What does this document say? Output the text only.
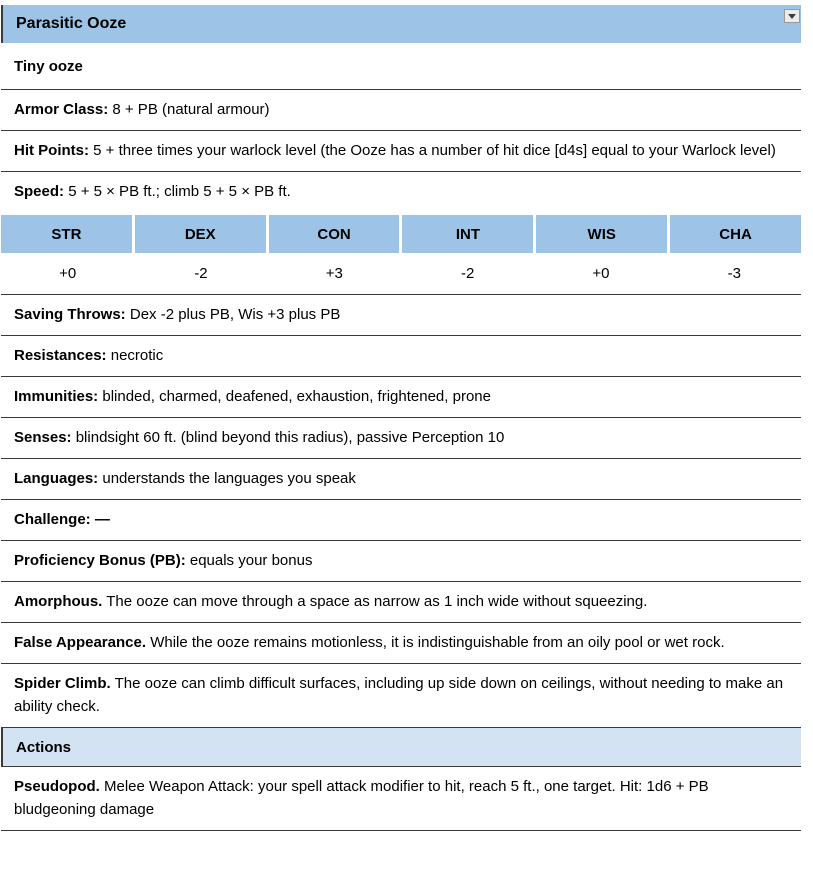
Parasitic Ooze
Tiny ooze
Armor Class: 8 + PB (natural armour)
Hit Points: 5 + three times your warlock level (the Ooze has a number of hit dice [d4s] equal to your Warlock level)
Speed: 5 + 5 × PB ft.; climb 5 + 5 × PB ft.
STR	DEX	CON	INT	WIS	CHA
+0	-2	+3	-2	+0	-3
Saving Throws: Dex -2 plus PB, Wis +3 plus PB
Resistances: necrotic
Immunities: blinded, charmed, deafened, exhaustion, frightened, prone
Senses: blindsight 60 ft. (blind beyond this radius), passive Perception 10
Languages: understands the languages you speak
Challenge: —
Proficiency Bonus (PB): equals your bonus
Amorphous. The ooze can move through a space as narrow as 1 inch wide without squeezing.
False Appearance. While the ooze remains motionless, it is indistinguishable from an oily pool or wet rock.
Spider Climb. The ooze can climb difficult surfaces, including up side down on ceilings, without needing to make an ability check.
Actions
Pseudopod. Melee Weapon Attack: your spell attack modifier to hit, reach 5 ft., one target. Hit: 1d6 + PB bludgeoning damage
